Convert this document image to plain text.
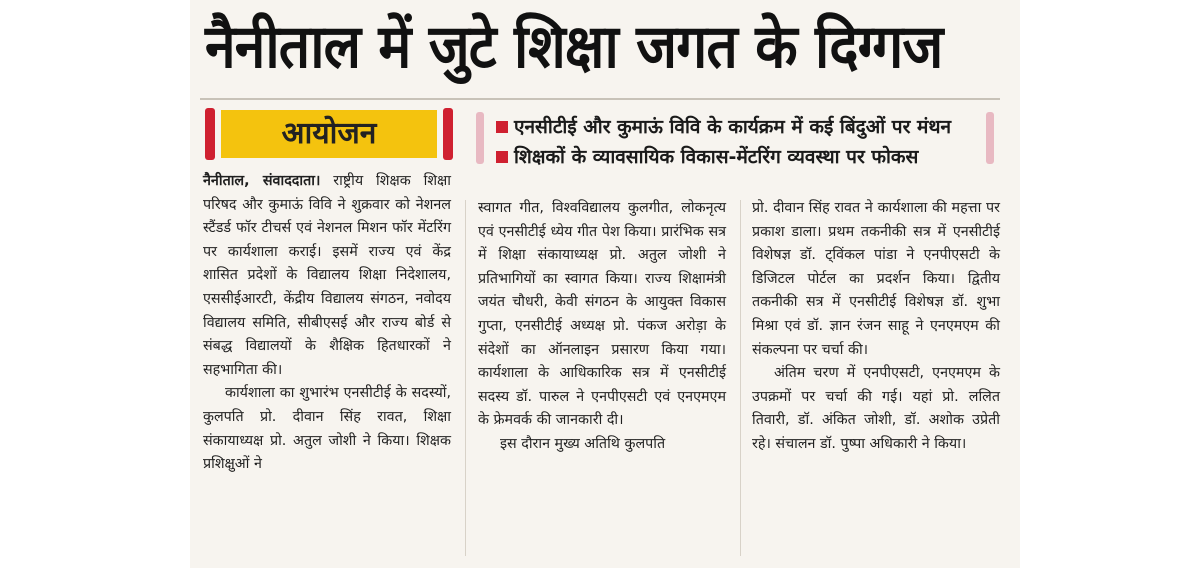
नैनीताल में जुटे शिक्षा जगत के दिग्गज
आयोजन	एनसीटीई और कुमाऊं विवि के कार्यक्रम में कई बिंदुओं पर मंथन
शिक्षकों के व्यावसायिक विकास-मेंटरिंग व्यवस्था पर फोकस

नैनीताल, संवाददाता। राष्ट्रीय शिक्षक शिक्षा परिषद और कुमाऊं विवि ने शुक्रवार को नेशनल स्टैंडर्ड फॉर टीचर्स एवं नेशनल मिशन फॉर मेंटरिंग पर कार्यशाला कराई। इसमें राज्य एवं केंद्र शासित प्रदेशों के विद्यालय शिक्षा निदेशालय, एससीईआरटी, केंद्रीय विद्यालय संगठन, नवोदय विद्यालय समिति, सीबीएसई और राज्य बोर्ड से संबद्ध विद्यालयों के शैक्षिक हितधारकों ने सहभागिता की।

कार्यशाला का शुभारंभ एनसीटीई के सदस्यों, कुलपति प्रो. दीवान सिंह रावत, शिक्षा संकायाध्यक्ष प्रो. अतुल जोशी ने किया। शिक्षक प्रशिक्षुओं ने

स्वागत गीत, विश्वविद्यालय कुलगीत, लोकनृत्य एवं एनसीटीई ध्येय गीत पेश किया। प्रारंभिक सत्र में शिक्षा संकायाध्यक्ष प्रो. अतुल जोशी ने प्रतिभागियों का स्वागत किया। राज्य शिक्षामंत्री जयंत चौधरी, केवी संगठन के आयुक्त विकास गुप्ता, एनसीटीई अध्यक्ष प्रो. पंकज अरोड़ा के संदेशों का ऑनलाइन प्रसारण किया गया। कार्यशाला के आधिकारिक सत्र में एनसीटीई सदस्य डॉ. पारुल ने एनपीएसटी एवं एनएमएम के फ्रेमवर्क की जानकारी दी।

इस दौरान मुख्य अतिथि कुलपति

प्रो. दीवान सिंह रावत ने कार्यशाला की महत्ता पर प्रकाश डाला। प्रथम तकनीकी सत्र में एनसीटीई विशेषज्ञ डॉ. ट्विंकल पांडा ने एनपीएसटी के डिजिटल पोर्टल का प्रदर्शन किया। द्वितीय तकनीकी सत्र में एनसीटीई विशेषज्ञ डॉ. शुभा मिश्रा एवं डॉ. ज्ञान रंजन साहू ने एनएमएम की संकल्पना पर चर्चा की।

अंतिम चरण में एनपीएसटी, एनएमएम के उपक्रमों पर चर्चा की गई। यहां प्रो. ललित तिवारी, डॉ. अंकित जोशी, डॉ. अशोक उप्रेती रहे। संचालन डॉ. पुष्पा अधिकारी ने किया।
